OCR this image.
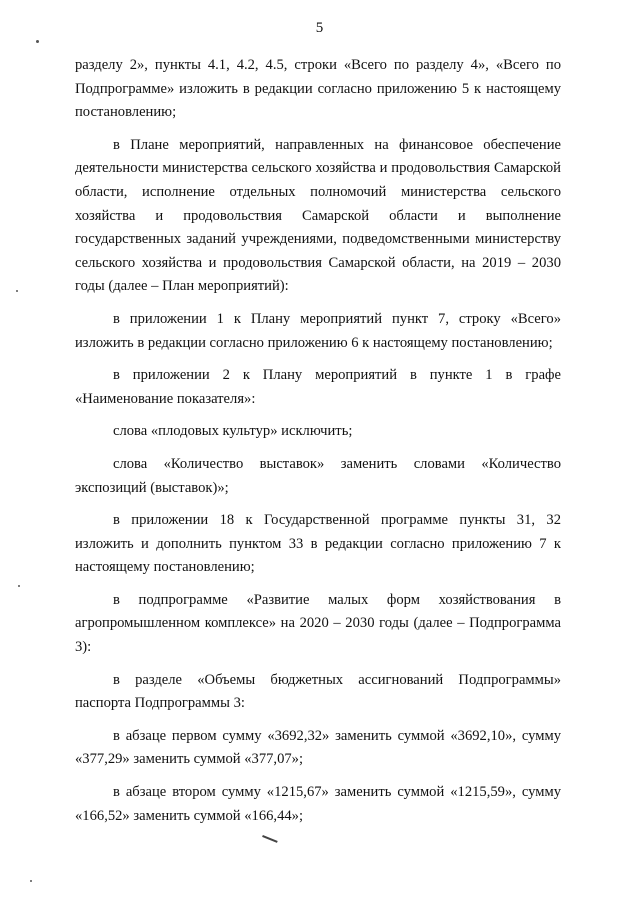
5

разделу 2», пункты 4.1, 4.2, 4.5, строки «Всего по разделу 4», «Всего по Подпрограмме» изложить в редакции согласно приложению 5 к настоящему постановлению;

в Плане мероприятий, направленных на финансовое обеспечение деятельности министерства сельского хозяйства и продовольствия Самарской области, исполнение отдельных полномочий министерства сельского хозяйства и продовольствия Самарской области и выполнение государственных заданий учреждениями, подведомственными министерству сельского хозяйства и продовольствия Самарской области, на 2019 – 2030 годы (далее – План мероприятий):

в приложении 1 к Плану мероприятий пункт 7, строку «Всего» изложить в редакции согласно приложению 6 к настоящему постановлению;

в приложении 2 к Плану мероприятий в пункте 1 в графе «Наименование показателя»:

слова «плодовых культур» исключить;

слова «Количество выставок» заменить словами «Количество экспозиций (выставок)»;

в приложении 18 к Государственной программе пункты 31, 32 изложить и дополнить пунктом 33 в редакции согласно приложению 7 к настоящему постановлению;

в подпрограмме «Развитие малых форм хозяйствования в агропромышленном комплексе» на 2020 – 2030 годы (далее – Подпрограмма 3):

в разделе «Объемы бюджетных ассигнований Подпрограммы» паспорта Подпрограммы 3:

в абзаце первом сумму «3692,32» заменить суммой «3692,10», сумму «377,29» заменить суммой «377,07»;

в абзаце втором сумму «1215,67» заменить суммой «1215,59», сумму «166,52» заменить суммой «166,44»;
